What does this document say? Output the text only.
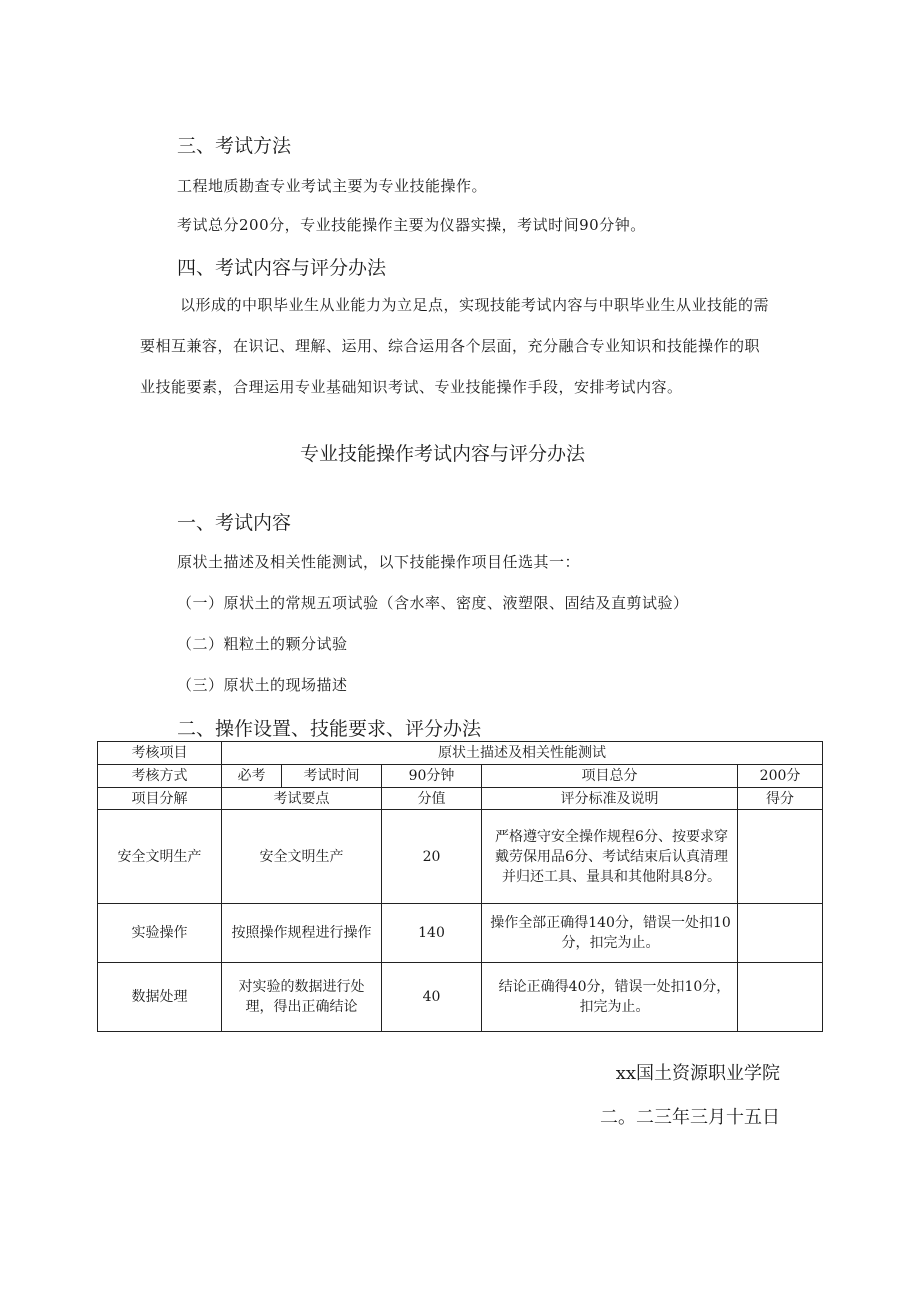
三、考试方法
工程地质勘查专业考试主要为专业技能操作。
考试总分200分，专业技能操作主要为仪器实操，考试时间90分钟。
四、考试内容与评分办法
以形成的中职毕业生从业能力为立足点，实现技能考试内容与中职毕业生从业技能的需
要相互兼容，在识记、理解、运用、综合运用各个层面，充分融合专业知识和技能操作的职
业技能要素，合理运用专业基础知识考试、专业技能操作手段，安排考试内容。
专业技能操作考试内容与评分办法
一、考试内容
原状土描述及相关性能测试，以下技能操作项目任选其一：
（一）原状土的常规五项试验（含水率、密度、液塑限、固结及直剪试验）
（二）粗粒土的颗分试验
（三）原状土的现场描述
二、操作设置、技能要求、评分办法
考核项目	原状土描述及相关性能测试				
考核方式	必考	考试时间	90分钟	项目总分	200分
项目分解	考试要点		分值	评分标准及说明	得分
安全文明生产	安全文明生产		20	严格遵守安全操作规程6分、按要求穿戴劳保用品6分、考试结束后认真清理并归还工具、量具和其他附具8分。	
实验操作	按照操作规程进行操作		140	操作全部正确得140分，错误一处扣10分，扣完为止。	
数据处理	对实验的数据进行处理，得出正确结论		40	结论正确得40分，错误一处扣10分，扣完为止。	
xx国土资源职业学院
二。二三年三月十五日
